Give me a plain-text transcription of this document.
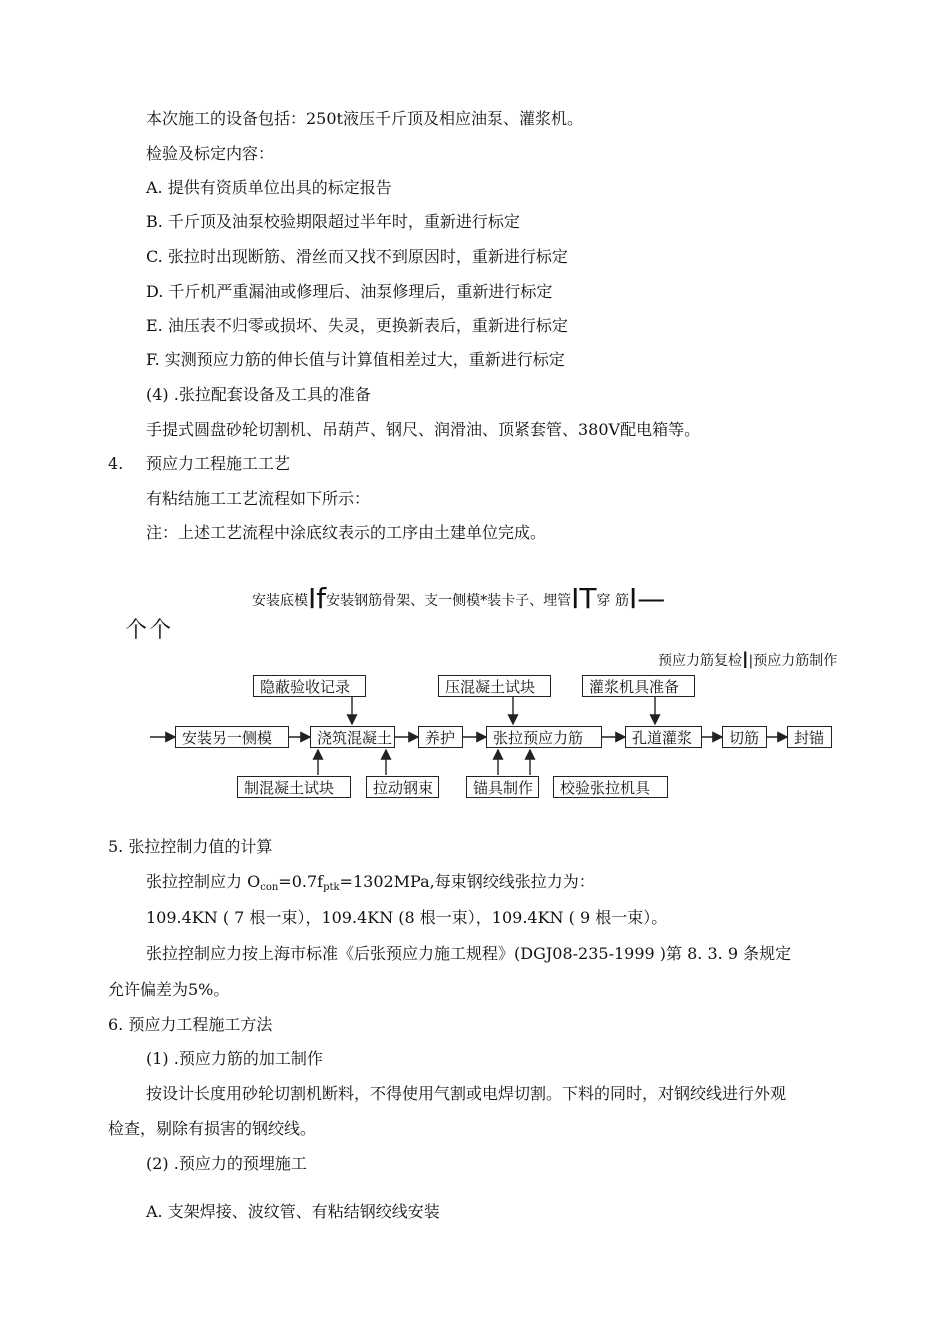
本次施工的设备包括：250t液压千斤顶及相应油泵、灌浆机。
检验及标定内容：
A. 提供有资质单位出具的标定报告
B. 千斤顶及油泵校验期限超过半年时，重新进行标定
C. 张拉时出现断筋、滑丝而又找不到原因时，重新进行标定
D. 千斤机严重漏油或修理后、油泵修理后，重新进行标定
E. 油压表不归零或损坏、失灵，更换新表后，重新进行标定
F. 实测预应力筋的伸长值与计算值相差过大，重新进行标定
(4) .张拉配套设备及工具的准备
手提式圆盘砂轮切割机、吊葫芦、钢尺、润滑油、顶紧套管、380V配电箱等。
4. 预应力工程施工工艺
有粘结施工工艺流程如下所示：
注：上述工艺流程中涂底纹表示的工序由土建单位完成。
安装底模If安装钢筋骨架、支一侧模*装卡子、埋管IT穿 筋I—
个个
预应力筋复检I|预应力筋制作
隐蔽验收记录	压混凝土试块	灌浆机具准备
安装另一侧模	浇筑混凝土	养护	张拉预应力筋	孔道灌浆	切筋	封锚
制混凝土试块	拉动钢束	锚具制作	校验张拉机具
5. 张拉控制力值的计算
张拉控制应力 $O_{con}=0.7f_{ptk}=1302MPa$,每束钢绞线张拉力为：
109.4KN ( 7 根一束），109.4KN (8 根一束），109.4KN ( 9 根一束）。
张拉控制应力按上海市标准《后张预应力施工规程》(DGJ08-235-1999 )第 8. 3. 9 条规定
允许偏差为5%。
6. 预应力工程施工方法
(1) .预应力筋的加工制作
按设计长度用砂轮切割机断料，不得使用气割或电焊切割。下料的同时，对钢绞线进行外观
检查，剔除有损害的钢绞线。
(2) .预应力的预埋施工
A. 支架焊接、波纹管、有粘结钢绞线安装
